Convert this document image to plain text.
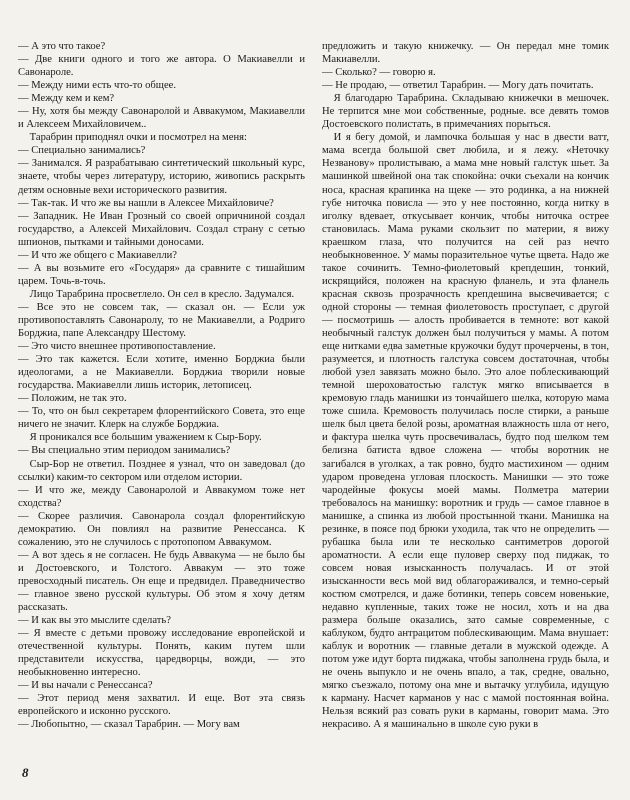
— А это что такое?

— Две книги одного и того же автора. О Макиавелли и Савонароле.

— Между ними есть что-то общее.

— Между кем и кем?

— Ну, хотя бы между Савонаролой и Аввакумом, Макиавелли и Алексеем Михайловичем..

Тарабрин приподнял очки и посмотрел на меня:

— Специально занимались?

— Занимался. Я разрабатываю синтетический школьный курс, знаете, чтобы через литературу, историю, живопись раскрыть детям основные вехи исторического развития.

— Так-так. И что же вы нашли в Алексее Михайловиче?

— Западник. Не Иван Грозный со своей опричниной создал государство, а Алексей Михайлович. Создал страну с сетью шпионов, пытками и тайными доносами.

— И что же общего с Макиавелли?

— А вы возьмите его «Государя» да сравните с тишайшим царем. Точь-в-точь.

Лицо Тарабрина просветлело. Он сел в кресло. Задумался.

— Все это не совсем так, — сказал он. — Если уж противопоставлять Савонаролу, то не Макиавелли, а Родриго Борджиа, папе Александру Шестому.

— Это чисто внешнее противопоставление.

— Это так кажется. Если хотите, именно Борджиа были идеологами, а не Макиавелли. Борджиа творили новые государства. Макиавелли лишь историк, летописец.

— Положим, не так это.

— То, что он был секретарем флорентийского Совета, это еще ничего не значит. Клерк на службе Борджиа.

Я проникался все большим уважением к Сыр-Бору.

— Вы специально этим периодом занимались?

Сыр-Бор не ответил. Позднее я узнал, что он заведовал (до ссылки) каким-то сектором или отделом истории.

— И что же, между Савонаролой и Аввакумом тоже нет сходства?

— Скорее различия. Савонарола создал флорентийскую демократию. Он повлиял на развитие Ренессанса. К сожалению, это не случилось с протопопом Аввакумом.

— А вот здесь я не согласен. Не будь Аввакума — не было бы и Достоевского, и Толстого. Аввакум — это тоже превосходный писатель. Он еще и предвидел. Праведничество — главное звено русской культуры. Об этом я хочу детям рассказать.

— И как вы это мыслите сделать?

— Я вместе с детьми провожу исследование европейской и отечественной культуры. Понять, каким путем шли представители искусства, царедворцы, вожди, — это необыкновенно интересно.

— И вы начали с Ренессанса?

— Этот период меня захватил. И еще. Вот эта связь европейского и исконно русского.

— Любопытно, — сказал Тарабрин. — Могу вам

предложить и такую книжечку. — Он передал мне томик Макиавелли.

— Сколько? — говорю я.

— Не продаю, — ответил Тарабрин. — Могу дать почитать.

Я благодарю Тарабрина. Складываю книжечки в мешочек. Не терпится мне мои собственные, родные. все девять томов Достоевского полистать, в примечаниях порыться.

И я бегу домой, и лампочка большая у нас в двести ватт, мама всегда большой свет любила, и я лежу. «Неточку Незванову» пролистываю, а мама мне новый галстук шьет. За машинкой швейной она так спокойна: очки съехали на кончик носа, красная крапинка на щеке — это родинка, а на нижней губе ниточка повисла — это у нее постоянно, когда нитку в иголку вдевает, откусывает кончик, чтобы ниточка острее становилась. Мама руками скользит по материи, я вижу краешком глаза, что получится на сей раз нечто необыкновенное. У мамы поразительное чутье щвета. Надо же такое сочинить. Темно-фиолетовый крепдешин, тонкий, искрящийся, положен на красную фланель, и эта фланель красная сквозь прозрачность крепдешина высвечивается; с одной стороны — темная фиолетовость проступает, с другой — посмотришь — алость пробивается в темноте: вот какой необычный галстук должен был получиться у мамы. А потом еще нитками едва заметные кружочки будут прочерчены, в тон, разумеется, и плотность галстука совсем достаточная, чтобы любой узел завязать можно было. Это алое поблескивающий темной шероховатостью галстук мягко вписывается в кремовую гладь манишки из тончайшего шелка, которую мама тоже сшила. Кремовость получилась после стирки, а раньше шелк был цвета белой розы, ароматная влажность шла от него, и фактура шелка чуть просвечивалась, будто под шелком тем белизна батиста вдвое сложена — чтобы воротник не загибался в уголках, а так ровно, будто мастихином — одним ударом проведена угловая плоскость. Манишки — это тоже чародейные фокусы моей мамы. Полметра материи требовалось на манишку: воротник и грудь — самое главное в манишке, а спинка из любой простынной ткани. Манишка на резинке, в поясе под брюки уходила, так что не определить — рубашка была или те несколько сантиметров дорогой ароматности. А если еще пуловер сверху под пиджак, то совсем новая изысканность получалась. И от этой изысканности весь мой вид облагораживался, и темно-серый костюм смотрелся, и даже ботинки, теперь совсем новенькие, недавно купленные, таких тоже не носил, хоть и на два размера больше оказались, зато самые современные, с каблуком, будто антрацитом поблескивающим. Мама внушает: каблук и воротник — главные детали в мужской одежде. А потом уже идут борта пиджака, чтобы заполнена грудь была, и не очень выпукло и не очень впало, а так, средне, овально, мягко съезжало, потому она мне и вытачку углубила, идущую к карману. Насчет карманов у нас с мамой постоянная война. Нельзя всякий раз совать руки в карманы, говорит мама. Это некрасиво. А я машинально в школе сую руки в

8
